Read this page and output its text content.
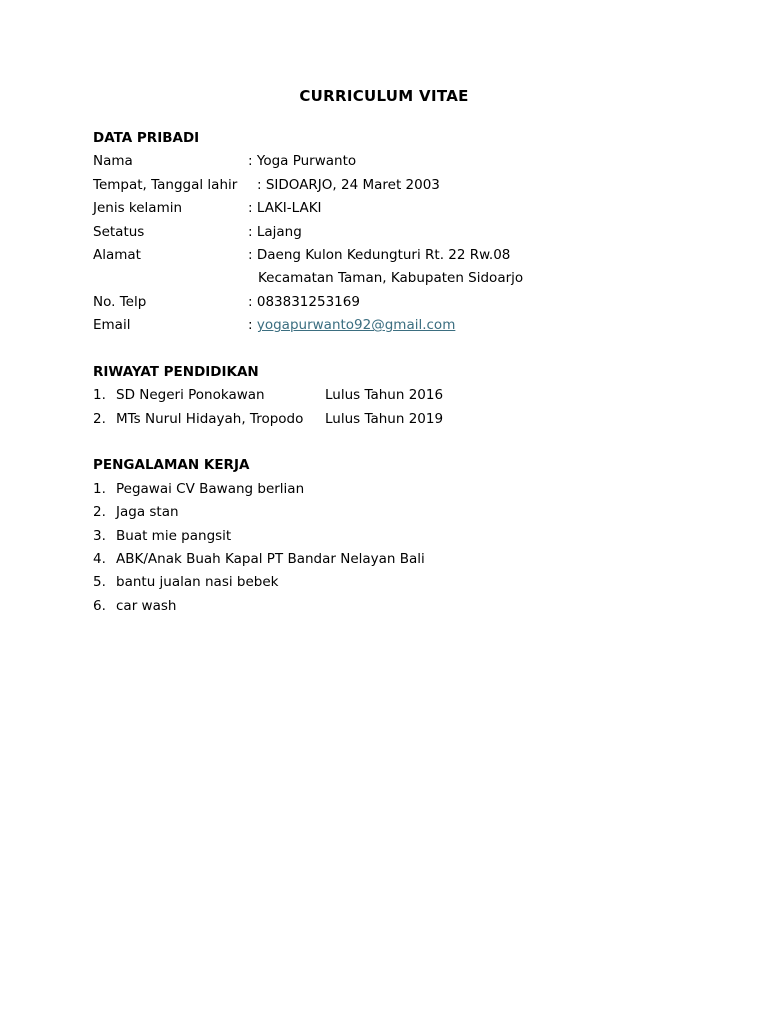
CURRICULUM VITAE
DATA PRIBADI
Nama	: Yoga Purwanto
Tempat, Tanggal lahir : SIDOARJO, 24 Maret 2003
Jenis kelamin	: LAKI-LAKI
Setatus	: Lajang
Alamat	: Daeng Kulon Kedungturi Rt. 22 Rw.08
Kecamatan Taman, Kabupaten Sidoarjo
No. Telp	: 083831253169
Email	: yogapurwanto92@gmail.com
RIWAYAT PENDIDIKAN
1. SD Negeri Ponokawan	Lulus Tahun 2016
2. MTs Nurul Hidayah, Tropodo Lulus Tahun 2019
PENGALAMAN KERJA
1. Pegawai CV Bawang berlian
2. Jaga stan
3. Buat mie pangsit
4. ABK/Anak Buah Kapal PT Bandar Nelayan Bali
5. bantu jualan nasi bebek
6. car wash
